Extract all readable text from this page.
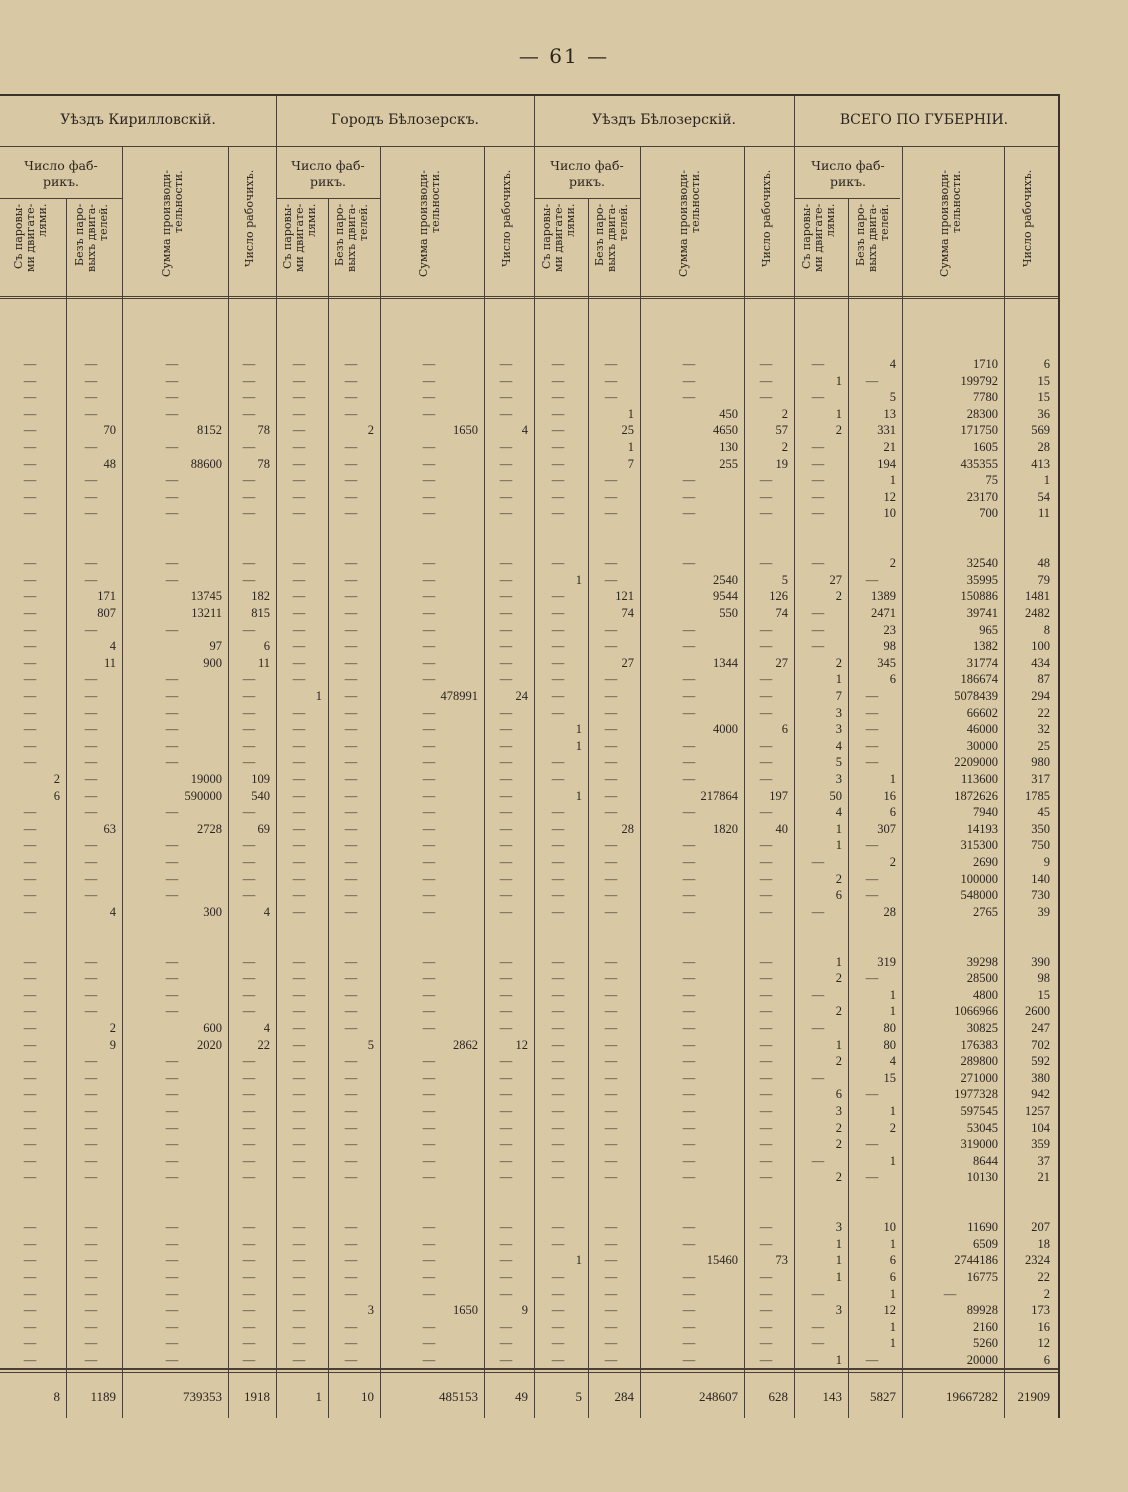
— 61 —
Уѣздъ Кирилловскій.	Городъ Бѣлозерскъ.	Уѣздъ Бѣлозерскій.	ВСЕГО ПО ГУБЕРНІИ.
Число фаб-
рикъ.
Съ паровы-
ми двигате-
лями.
Безъ паро-
выхъ двига-
телей.
Сумма производи-
тельности.	Число рабочихъ.
Число фаб-
рикъ.
Съ паровы-
ми двигате-
лями.
Безъ паро-
выхъ двига-
телей.
Сумма производи-
тельности.	Число рабочихъ.
Число фаб-
рикъ.
Съ паровы-
ми двигате-
лями.
Безъ паро-
выхъ двига-
телей.
Сумма производи-
тельности.	Число рабочихъ.
Число фаб-
рикъ.
Съ паровы-
ми двигате-
лями.
Безъ паро-
выхъ двига-
телей.
Сумма производи-
тельности.	Число рабочихъ.
—	—	—	—	—	—	—	—	—	—	—	—	—	4	1710	6
—	—	—	—	—	—	—	—	—	—	—	—	1	—	199792	15
—	—	—	—	—	—	—	—	—	—	—	—	—	5	7780	15
—	—	—	—	—	—	—	—	—	1	450	2	1	13	28300	36
—	70	8152	78	—	2	1650	4	—	25	4650	57	2	331	171750	569
—	—	—	—	—	—	—	—	—	1	130	2	—	21	1605	28
—	48	88600	78	—	—	—	—	—	7	255	19	—	194	435355	413
—	—	—	—	—	—	—	—	—	—	—	—	—	1	75	1
—	—	—	—	—	—	—	—	—	—	—	—	—	12	23170	54
—	—	—	—	—	—	—	—	—	—	—	—	—	10	700	11
—	—	—	—	—	—	—	—	—	—	—	—	—	2	32540	48
—	—	—	—	—	—	—	—	1	—	2540	5	27	—	35995	79
—	171	13745	182	—	—	—	—	—	121	9544	126	2	1389	150886	1481
—	807	13211	815	—	—	—	—	—	74	550	74	—	2471	39741	2482
—	—	—	—	—	—	—	—	—	—	—	—	—	23	965	8
—	4	97	6	—	—	—	—	—	—	—	—	—	98	1382	100
—	11	900	11	—	—	—	—	—	27	1344	27	2	345	31774	434
—	—	—	—	—	—	—	—	—	—	—	—	1	6	186674	87
—	—	—	—	1	—	478991	24	—	—	—	—	7	—	5078439	294
—	—	—	—	—	—	—	—	—	—	—	—	3	—	66602	22
—	—	—	—	—	—	—	—	1	—	4000	6	3	—	46000	32
—	—	—	—	—	—	—	—	1	—	—	—	4	—	30000	25
—	—	—	—	—	—	—	—	—	—	—	—	5	—	2209000	980
2	—	19000	109	—	—	—	—	—	—	—	—	3	1	113600	317
6	—	590000	540	—	—	—	—	1	—	217864	197	50	16	1872626	1785
—	—	—	—	—	—	—	—	—	—	—	—	4	6	7940	45
—	63	2728	69	—	—	—	—	—	28	1820	40	1	307	14193	350
—	—	—	—	—	—	—	—	—	—	—	—	1	—	315300	750
—	—	—	—	—	—	—	—	—	—	—	—	—	2	2690	9
—	—	—	—	—	—	—	—	—	—	—	—	2	—	100000	140
—	—	—	—	—	—	—	—	—	—	—	—	6	—	548000	730
—	4	300	4	—	—	—	—	—	—	—	—	—	28	2765	39
—	—	—	—	—	—	—	—	—	—	—	—	1	319	39298	390
—	—	—	—	—	—	—	—	—	—	—	—	2	—	28500	98
—	—	—	—	—	—	—	—	—	—	—	—	—	1	4800	15
—	—	—	—	—	—	—	—	—	—	—	—	2	1	1066966	2600
—	2	600	4	—	—	—	—	—	—	—	—	—	80	30825	247
—	9	2020	22	—	5	2862	12	—	—	—	—	1	80	176383	702
—	—	—	—	—	—	—	—	—	—	—	—	2	4	289800	592
—	—	—	—	—	—	—	—	—	—	—	—	—	15	271000	380
—	—	—	—	—	—	—	—	—	—	—	—	6	—	1977328	942
—	—	—	—	—	—	—	—	—	—	—	—	3	1	597545	1257
—	—	—	—	—	—	—	—	—	—	—	—	2	2	53045	104
—	—	—	—	—	—	—	—	—	—	—	—	2	—	319000	359
—	—	—	—	—	—	—	—	—	—	—	—	—	1	8644	37
—	—	—	—	—	—	—	—	—	—	—	—	2	—	10130	21
—	—	—	—	—	—	—	—	—	—	—	—	3	10	11690	207
—	—	—	—	—	—	—	—	—	—	—	—	1	1	6509	18
—	—	—	—	—	—	—	—	1	—	15460	73	1	6	2744186	2324
—	—	—	—	—	—	—	—	—	—	—	—	1	6	16775	22
—	—	—	—	—	—	—	—	—	—	—	—	—	1	—	2
—	—	—	—	—	3	1650	9	—	—	—	—	3	12	89928	173
—	—	—	—	—	—	—	—	—	—	—	—	—	1	2160	16
—	—	—	—	—	—	—	—	—	—	—	—	—	1	5260	12
—	—	—	—	—	—	—	—	—	—	—	—	1	—	20000	6
8	1189	739353	1918	1	10	485153	49	5	284	248607	628	143	5827	19667282	21909
